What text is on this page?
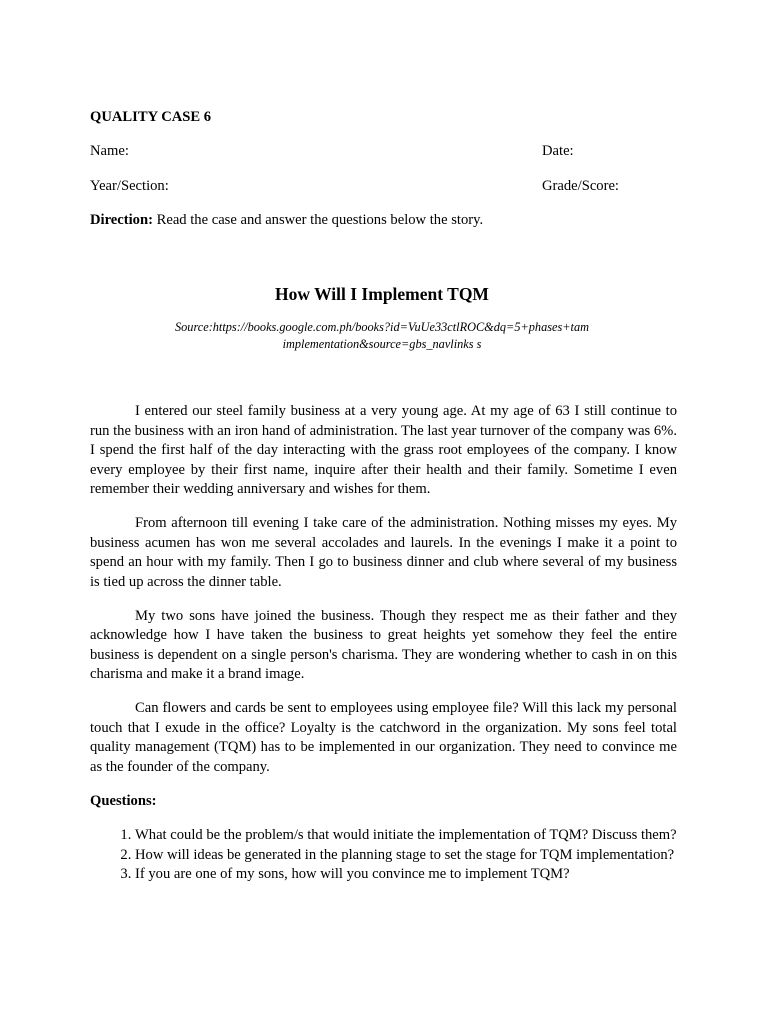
QUALITY CASE 6
Name:	Date:
Year/Section:	Grade/Score:
Direction: Read the case and answer the questions below the story.
How Will I Implement TQM
Source:https://books.google.com.ph/books?id=VuUe33ctlROC&dq=5+phases+tam implementation&source=gbs_navlinks s

I entered our steel family business at a very young age. At my age of 63 I still continue to run the business with an iron hand of administration. The last year turnover of the company was 6%. I spend the first half of the day interacting with the grass root employees of the company. I know every employee by their first name, inquire after their health and their family. Sometime I even remember their wedding anniversary and wishes for them.

From afternoon till evening I take care of the administration. Nothing misses my eyes. My business acumen has won me several accolades and laurels. In the evenings I make it a point to spend an hour with my family. Then I go to business dinner and club where several of my business is tied up across the dinner table.

My two sons have joined the business. Though they respect me as their father and they acknowledge how I have taken the business to great heights yet somehow they feel the entire business is dependent on a single person's charisma. They are wondering whether to cash in on this charisma and make it a brand image.

Can flowers and cards be sent to employees using employee file? Will this lack my personal touch that I exude in the office? Loyalty is the catchword in the organization. My sons feel total quality management (TQM) has to be implemented in our organization. They need to convince me as the founder of the company.

Questions:
1. What could be the problem/s that would initiate the implementation of TQM? Discuss them?
2. How will ideas be generated in the planning stage to set the stage for TQM implementation?
3. If you are one of my sons, how will you convince me to implement TQM?
